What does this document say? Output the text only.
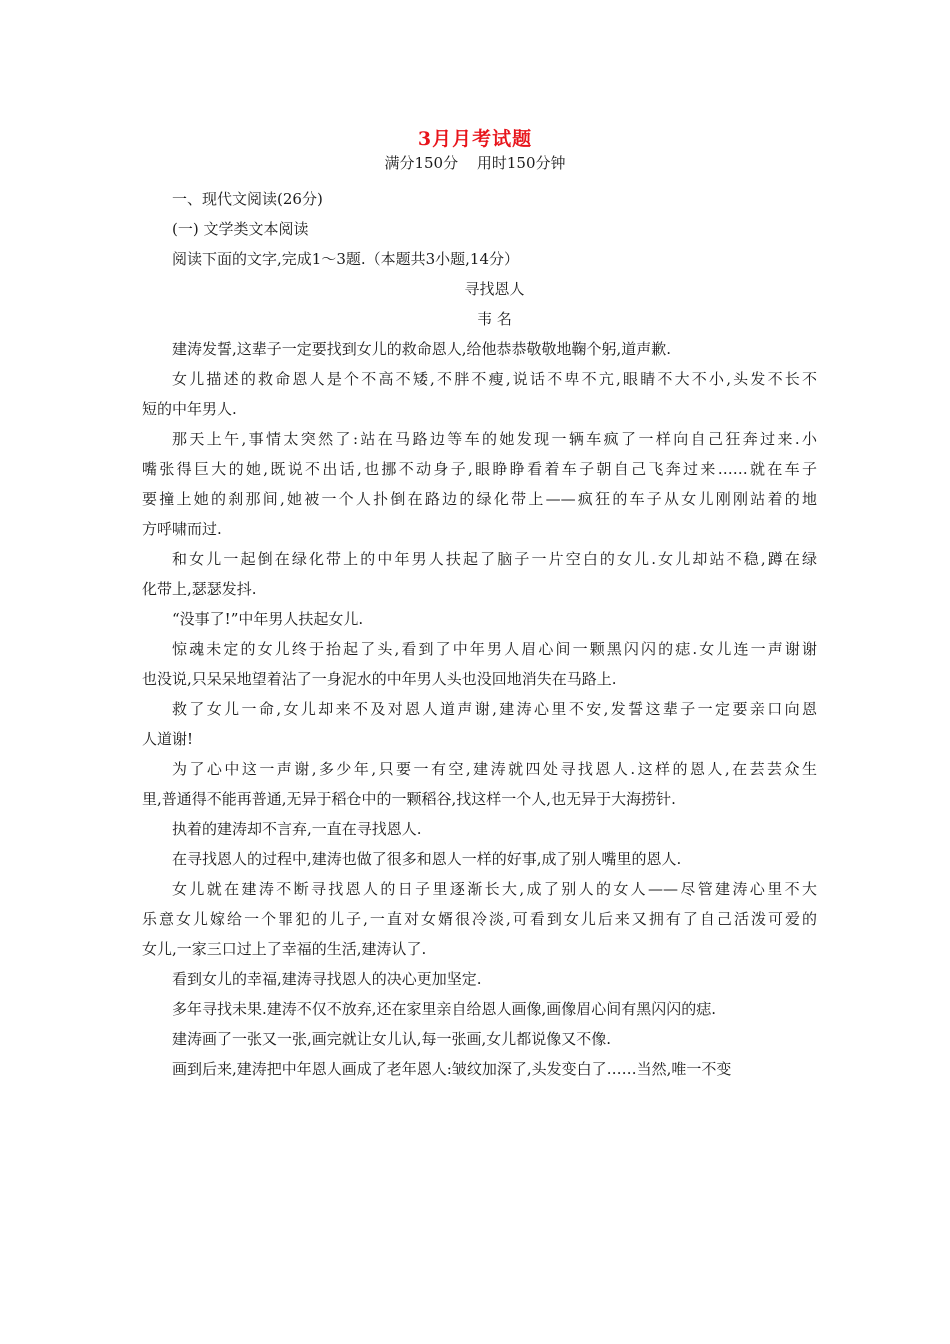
3月月考试题
满分150分 用时150分钟

一、现代文阅读(26分)

(一) 文学类文本阅读

阅读下面的文字,完成1～3题.（本题共3小题,14分）

寻找恩人

韦 名

建涛发誓,这辈子一定要找到女儿的救命恩人,给他恭恭敬敬地鞠个躬,道声歉.

女儿描述的救命恩人是个不高不矮,不胖不瘦,说话不卑不亢,眼睛不大不小,头发不长不
短的中年男人.

那天上午,事情太突然了:站在马路边等车的她发现一辆车疯了一样向自己狂奔过来.小
嘴张得巨大的她,既说不出话,也挪不动身子,眼睁睁看着车子朝自己飞奔过来……就在车子
要撞上她的刹那间,她被一个人扑倒在路边的绿化带上——疯狂的车子从女儿刚刚站着的地
方呼啸而过.

和女儿一起倒在绿化带上的中年男人扶起了脑子一片空白的女儿.女儿却站不稳,蹲在绿
化带上,瑟瑟发抖.

“没事了!”中年男人扶起女儿.

惊魂未定的女儿终于抬起了头,看到了中年男人眉心间一颗黑闪闪的痣.女儿连一声谢谢
也没说,只呆呆地望着沾了一身泥水的中年男人头也没回地消失在马路上.

救了女儿一命,女儿却来不及对恩人道声谢,建涛心里不安,发誓这辈子一定要亲口向恩
人道谢!

为了心中这一声谢,多少年,只要一有空,建涛就四处寻找恩人.这样的恩人,在芸芸众生
里,普通得不能再普通,无异于稻仓中的一颗稻谷,找这样一个人,也无异于大海捞针.

执着的建涛却不言弃,一直在寻找恩人.

在寻找恩人的过程中,建涛也做了很多和恩人一样的好事,成了别人嘴里的恩人.

女儿就在建涛不断寻找恩人的日子里逐渐长大,成了别人的女人——尽管建涛心里不大
乐意女儿嫁给一个罪犯的儿子,一直对女婿很冷淡,可看到女儿后来又拥有了自己活泼可爱的
女儿,一家三口过上了幸福的生活,建涛认了.

看到女儿的幸福,建涛寻找恩人的决心更加坚定.

多年寻找未果.建涛不仅不放弃,还在家里亲自给恩人画像,画像眉心间有黑闪闪的痣.

建涛画了一张又一张,画完就让女儿认,每一张画,女儿都说像又不像.

画到后来,建涛把中年恩人画成了老年恩人:皱纹加深了,头发变白了……当然,唯一不变
